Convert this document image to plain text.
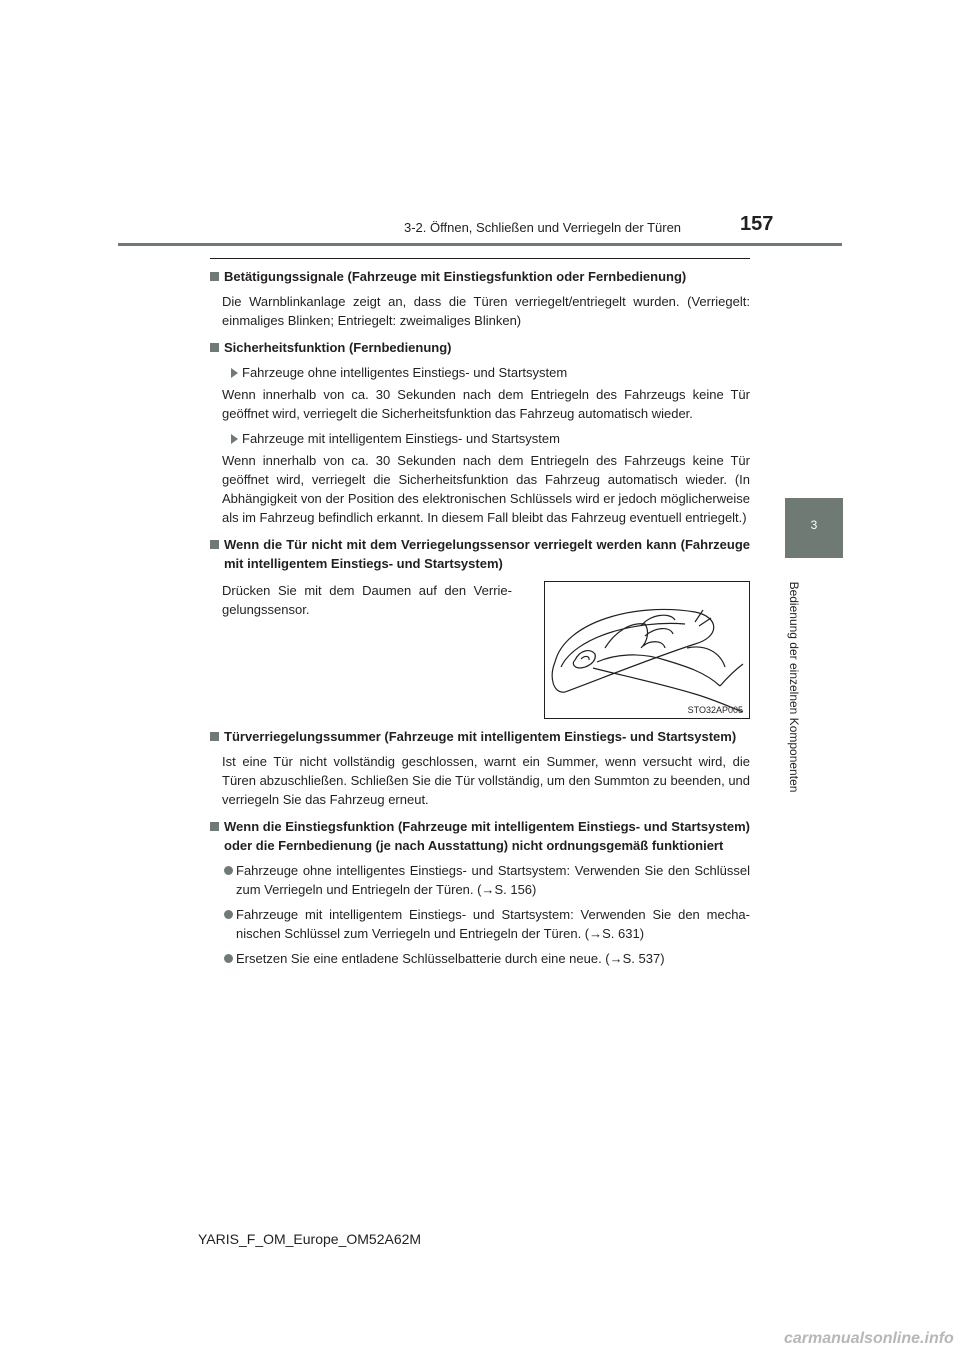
3-2. Öffnen, Schließen und Verriegeln der Türen	157
3
Bedienung der einzelnen Komponenten
Betätigungssignale (Fahrzeuge mit Einstiegsfunktion oder Fernbedienung)

Die Warnblinkanlage zeigt an, dass die Türen verriegelt/entriegelt wurden. (Verriegelt: einmaliges Blinken; Entriegelt: zweimaliges Blinken)

Sicherheitsfunktion (Fernbedienung)
Fahrzeuge ohne intelligentes Einstiegs- und Startsystem

Wenn innerhalb von ca. 30 Sekunden nach dem Entriegeln des Fahrzeugs keine Tür geöffnet wird, verriegelt die Sicherheitsfunktion das Fahrzeug automatisch wieder.

Fahrzeuge mit intelligentem Einstiegs- und Startsystem

Wenn innerhalb von ca. 30 Sekunden nach dem Entriegeln des Fahrzeugs keine Tür geöffnet wird, verriegelt die Sicherheitsfunktion das Fahrzeug automatisch wieder. (In Abhängigkeit von der Position des elektronischen Schlüssels wird er jedoch möglicherweise als im Fahrzeug befindlich erkannt. In diesem Fall bleibt das Fahrzeug eventuell entriegelt.)

Wenn die Tür nicht mit dem Verriegelungssensor verriegelt werden kann (Fahrzeuge mit intelligentem Einstiegs- und Startsystem)

Drücken Sie mit dem Daumen auf den Verriegelungssensor.

STO32AP005
Türverriegelungssummer (Fahrzeuge mit intelligentem Einstiegs- und Startsystem)

Ist eine Tür nicht vollständig geschlossen, warnt ein Summer, wenn versucht wird, die Türen abzuschließen. Schließen Sie die Tür vollständig, um den Summton zu beenden, und verriegeln Sie das Fahrzeug erneut.

Wenn die Einstiegsfunktion (Fahrzeuge mit intelligentem Einstiegs- und Startsystem) oder die Fernbedienung (je nach Ausstattung) nicht ordnungsgemäß funktioniert
Fahrzeuge ohne intelligentes Einstiegs- und Startsystem: Verwenden Sie den Schlüssel zum Verriegeln und Entriegeln der Türen. (→S. 156)
Fahrzeuge mit intelligentem Einstiegs- und Startsystem: Verwenden Sie den mechanischen Schlüssel zum Verriegeln und Entriegeln der Türen. (→S. 631)
Ersetzen Sie eine entladene Schlüsselbatterie durch eine neue. (→S. 537)
YARIS_F_OM_Europe_OM52A62M
carmanualsonline.info
